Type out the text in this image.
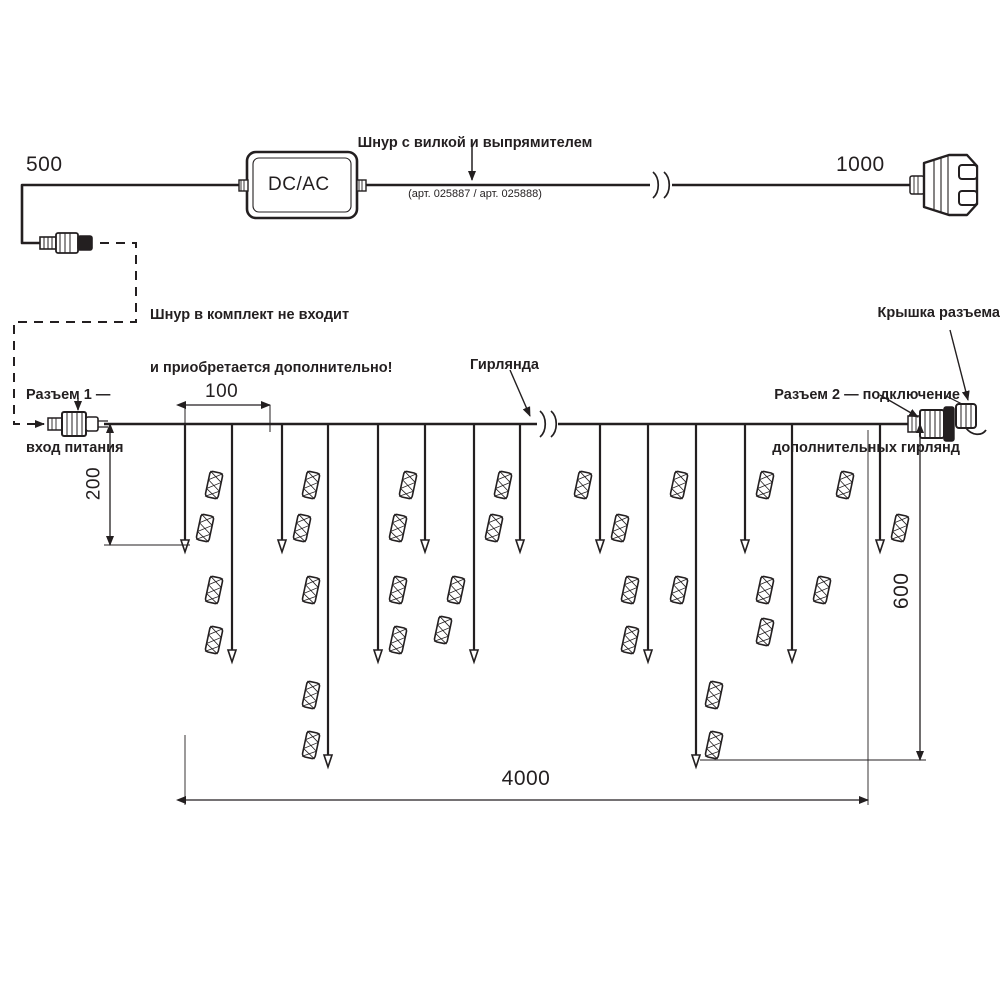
Шнур с вилкой и выпрямителем

(арт. 025887 / арт. 025888)

500	1000
DC/AC

Шнур в комплект не входит

и приобретается дополнительно!

Разъем 1 —

вход питания

Гирлянда

Разъем 2 — подключение

дополнительных гирлянд

Крышка разъема
100
200
600
4000
